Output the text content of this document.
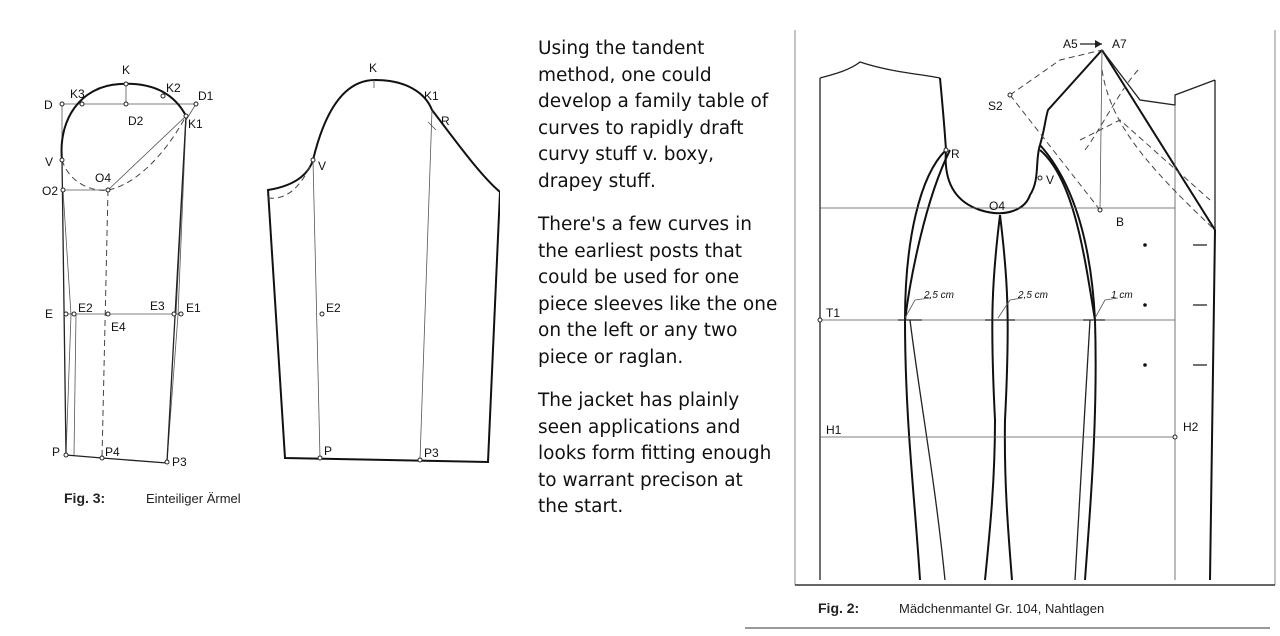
K
K3	K2
D
D1
D2	K1
V
O4
O2
E E2	E3 E1
E4
P	P4
P3
K
K1
R
V
E2
P	P3
Fig. 3:	Einteiliger Ärmel

Using the tandent method, one could develop a family table of curves to rapidly draft curvy stuff v. boxy, drapey stuff.

There's a few curves in the earliest posts that could be used for one piece sleeves like the one on the left or any two piece or raglan.

The jacket has plainly seen applications and looks form fitting enough to warrant precison at the start.

A5	A7
S2
R
O4
V
B
T1
H1	H2
2,5 cm	2,5 cm	1 cm
Fig. 2:	Mädchenmantel Gr. 104, Nahtlagen
